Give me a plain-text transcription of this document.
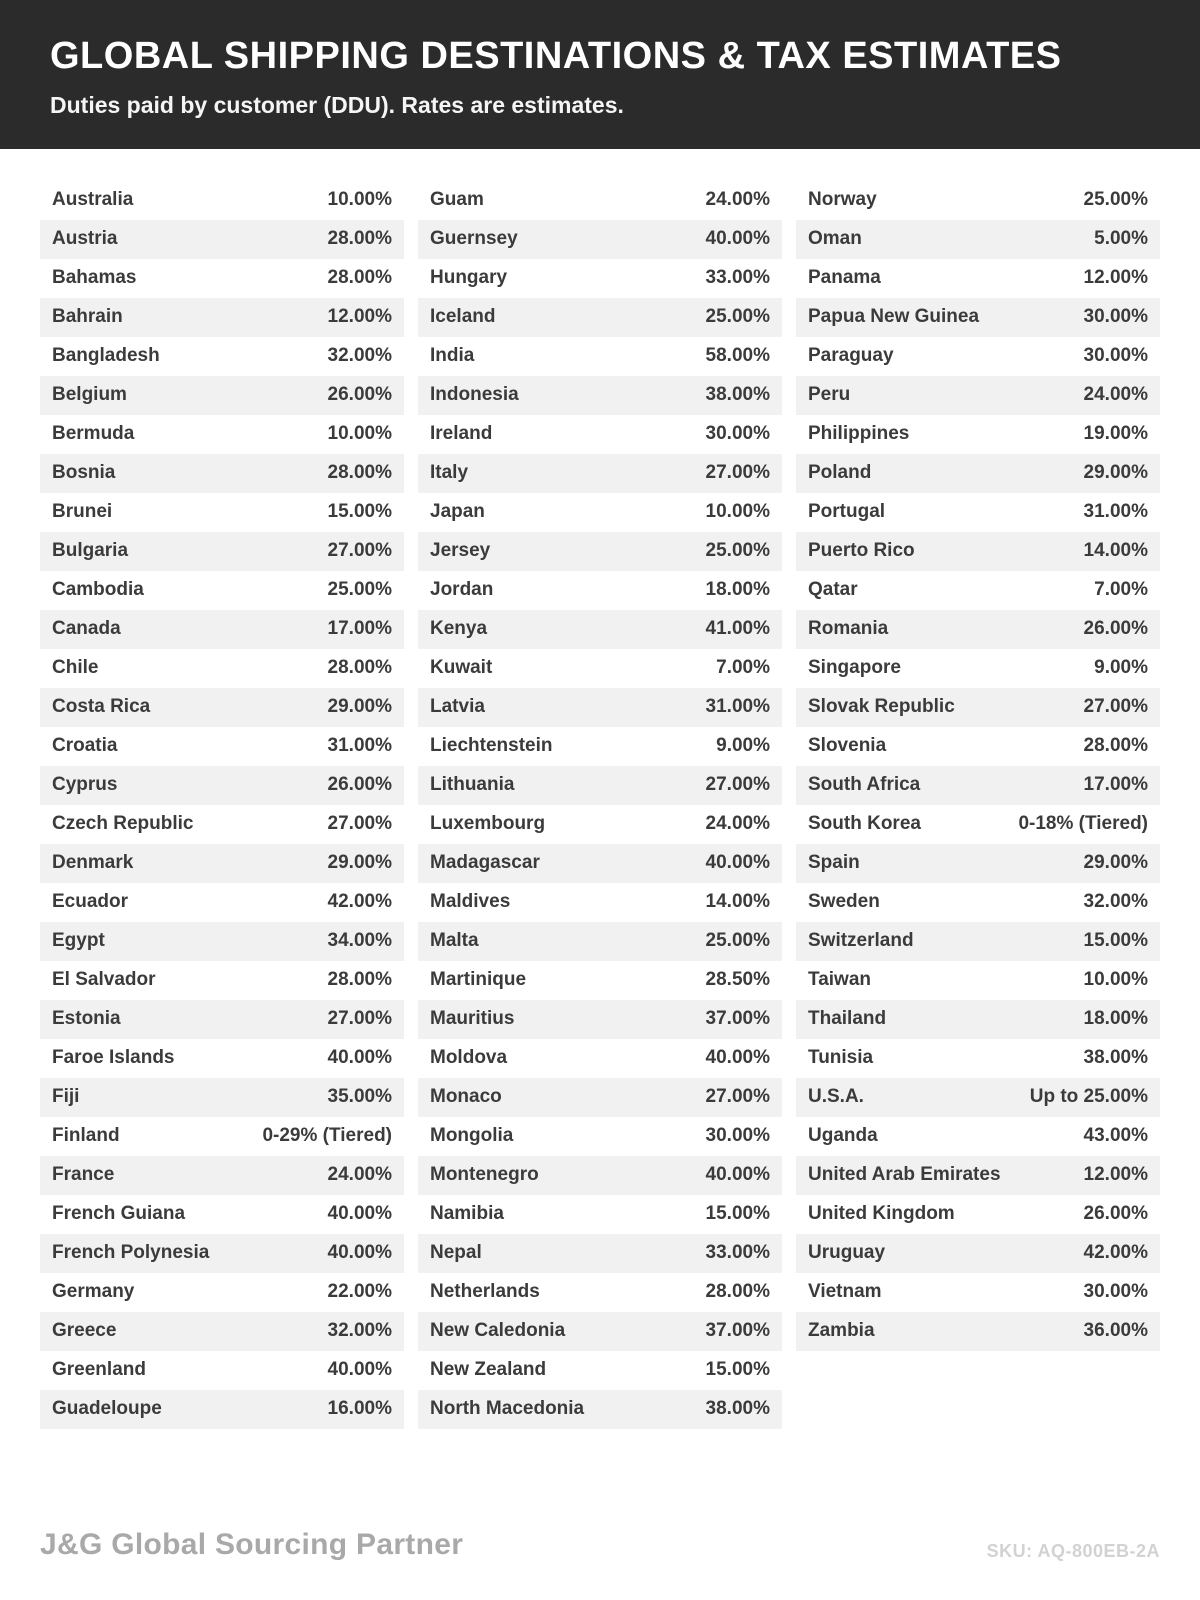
GLOBAL SHIPPING DESTINATIONS & TAX ESTIMATES
Duties paid by customer (DDU). Rates are estimates.
Australia	10.00%
Austria	28.00%
Bahamas	28.00%
Bahrain	12.00%
Bangladesh	32.00%
Belgium	26.00%
Bermuda	10.00%
Bosnia	28.00%
Brunei	15.00%
Bulgaria	27.00%
Cambodia	25.00%
Canada	17.00%
Chile	28.00%
Costa Rica	29.00%
Croatia	31.00%
Cyprus	26.00%
Czech Republic	27.00%
Denmark	29.00%
Ecuador	42.00%
Egypt	34.00%
El Salvador	28.00%
Estonia	27.00%
Faroe Islands	40.00%
Fiji	35.00%
Finland	0-29% (Tiered)
France	24.00%
French Guiana	40.00%
French Polynesia	40.00%
Germany	22.00%
Greece	32.00%
Greenland	40.00%
Guadeloupe	16.00%
Guam	24.00%
Guernsey	40.00%
Hungary	33.00%
Iceland	25.00%
India	58.00%
Indonesia	38.00%
Ireland	30.00%
Italy	27.00%
Japan	10.00%
Jersey	25.00%
Jordan	18.00%
Kenya	41.00%
Kuwait	7.00%
Latvia	31.00%
Liechtenstein	9.00%
Lithuania	27.00%
Luxembourg	24.00%
Madagascar	40.00%
Maldives	14.00%
Malta	25.00%
Martinique	28.50%
Mauritius	37.00%
Moldova	40.00%
Monaco	27.00%
Mongolia	30.00%
Montenegro	40.00%
Namibia	15.00%
Nepal	33.00%
Netherlands	28.00%
New Caledonia	37.00%
New Zealand	15.00%
North Macedonia	38.00%
Norway	25.00%
Oman	5.00%
Panama	12.00%
Papua New Guinea	30.00%
Paraguay	30.00%
Peru	24.00%
Philippines	19.00%
Poland	29.00%
Portugal	31.00%
Puerto Rico	14.00%
Qatar	7.00%
Romania	26.00%
Singapore	9.00%
Slovak Republic	27.00%
Slovenia	28.00%
South Africa	17.00%
South Korea	0-18% (Tiered)
Spain	29.00%
Sweden	32.00%
Switzerland	15.00%
Taiwan	10.00%
Thailand	18.00%
Tunisia	38.00%
U.S.A.	Up to 25.00%
Uganda	43.00%
United Arab Emirates	12.00%
United Kingdom	26.00%
Uruguay	42.00%
Vietnam	30.00%
Zambia	36.00%
J&G Global Sourcing Partner	SKU: AQ-800EB-2A
